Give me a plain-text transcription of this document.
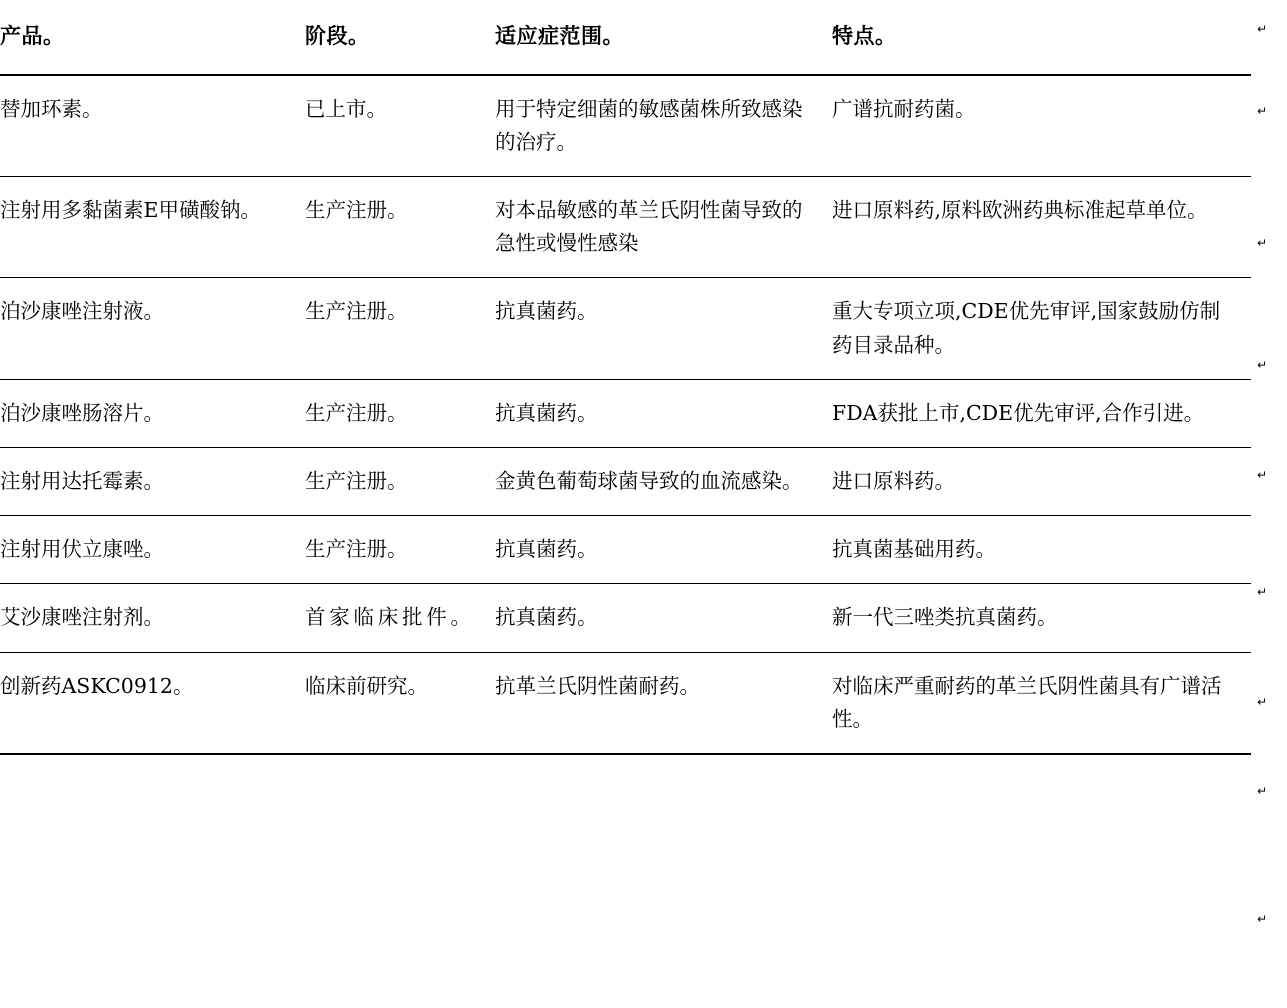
产品。	阶段。	适应症范围。	特点。
替加环素。	已上市。	用于特定细菌的敏感菌株所致感染的治疗。	广谱抗耐药菌。
注射用多黏菌素E甲磺酸钠。	生产注册。	对本品敏感的革兰氏阴性菌导致的急性或慢性感染	进口原料药,原料欧洲药典标准起草单位。
泊沙康唑注射液。	生产注册。	抗真菌药。	重大专项立项,CDE优先审评,国家鼓励仿制药目录品种。
泊沙康唑肠溶片。	生产注册。	抗真菌药。	FDA获批上市,CDE优先审评,合作引进。
注射用达托霉素。	生产注册。	金黄色葡萄球菌导致的血流感染。	进口原料药。
注射用伏立康唑。	生产注册。	抗真菌药。	抗真菌基础用药。
艾沙康唑注射剂。	首家临床批件。	抗真菌药。	新一代三唑类抗真菌药。
创新药ASKC0912。	临床前研究。	抗革兰氏阴性菌耐药。	对临床严重耐药的革兰氏阴性菌具有广谱活性。
↵
↵
↵
↵
↵
↵
↵
↵
↵
